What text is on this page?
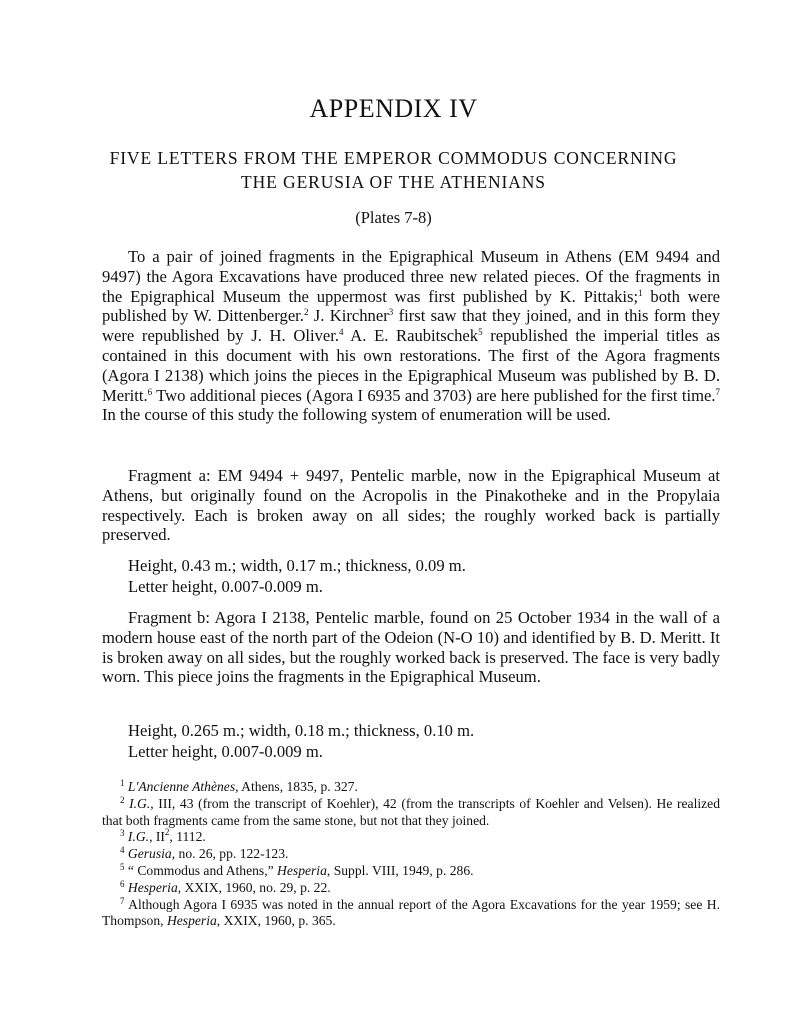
APPENDIX IV
FIVE LETTERS FROM THE EMPEROR COMMODUS CONCERNING
THE GERUSIA OF THE ATHENIANS

(Plates 7-8)

To a pair of joined fragments in the Epigraphical Museum in Athens (EM 9494 and 9497) the Agora Excavations have produced three new related pieces. Of the fragments in the Epigraphical Museum the uppermost was first published by K. Pittakis;$^1$ both were published by W. Dittenberger.$^2$ J. Kirchner$^3$ first saw that they joined, and in this form they were republished by J. H. Oliver.$^4$ A. E. Raubitschek$^5$ republished the imperial titles as contained in this document with his own restorations. The first of the Agora fragments (Agora I 2138) which joins the pieces in the Epigraphical Museum was published by B. D. Meritt.$^6$ Two additional pieces (Agora I 6935 and 3703) are here published for the first time.$^7$ In the course of this study the following system of enumeration will be used.

Fragment a: EM 9494 + 9497, Pentelic marble, now in the Epigraphical Museum at Athens, but originally found on the Acropolis in the Pinakotheke and in the Propylaia respectively. Each is broken away on all sides; the roughly worked back is partially preserved.

Height, 0.43 m.; width, 0.17 m.; thickness, 0.09 m.

Letter height, 0.007-0.009 m.

Fragment b: Agora I 2138, Pentelic marble, found on 25 October 1934 in the wall of a modern house east of the north part of the Odeion (N-O 10) and identified by B. D. Meritt. It is broken away on all sides, but the roughly worked back is preserved. The face is very badly worn. This piece joins the fragments in the Epigraphical Museum.

Height, 0.265 m.; width, 0.18 m.; thickness, 0.10 m.

Letter height, 0.007-0.009 m.

$^1$ L'Ancienne Athènes, Athens, 1835, p. 327.

$^2$ I.G., III, 43 (from the transcript of Koehler), 42 (from the transcripts of Koehler and Velsen). He realized that both fragments came from the same stone, but not that they joined.

$^3$ I.G., $II^2$, 1112.

$^4$ Gerusia, no. 26, pp. 122-123.

$^5$ “ Commodus and Athens,” Hesperia, Suppl. VIII, 1949, p. 286.

$^6$ Hesperia, XXIX, 1960, no. 29, p. 22.

$^7$ Although Agora I 6935 was noted in the annual report of the Agora Excavations for the year 1959; see H. Thompson, Hesperia, XXIX, 1960, p. 365.
